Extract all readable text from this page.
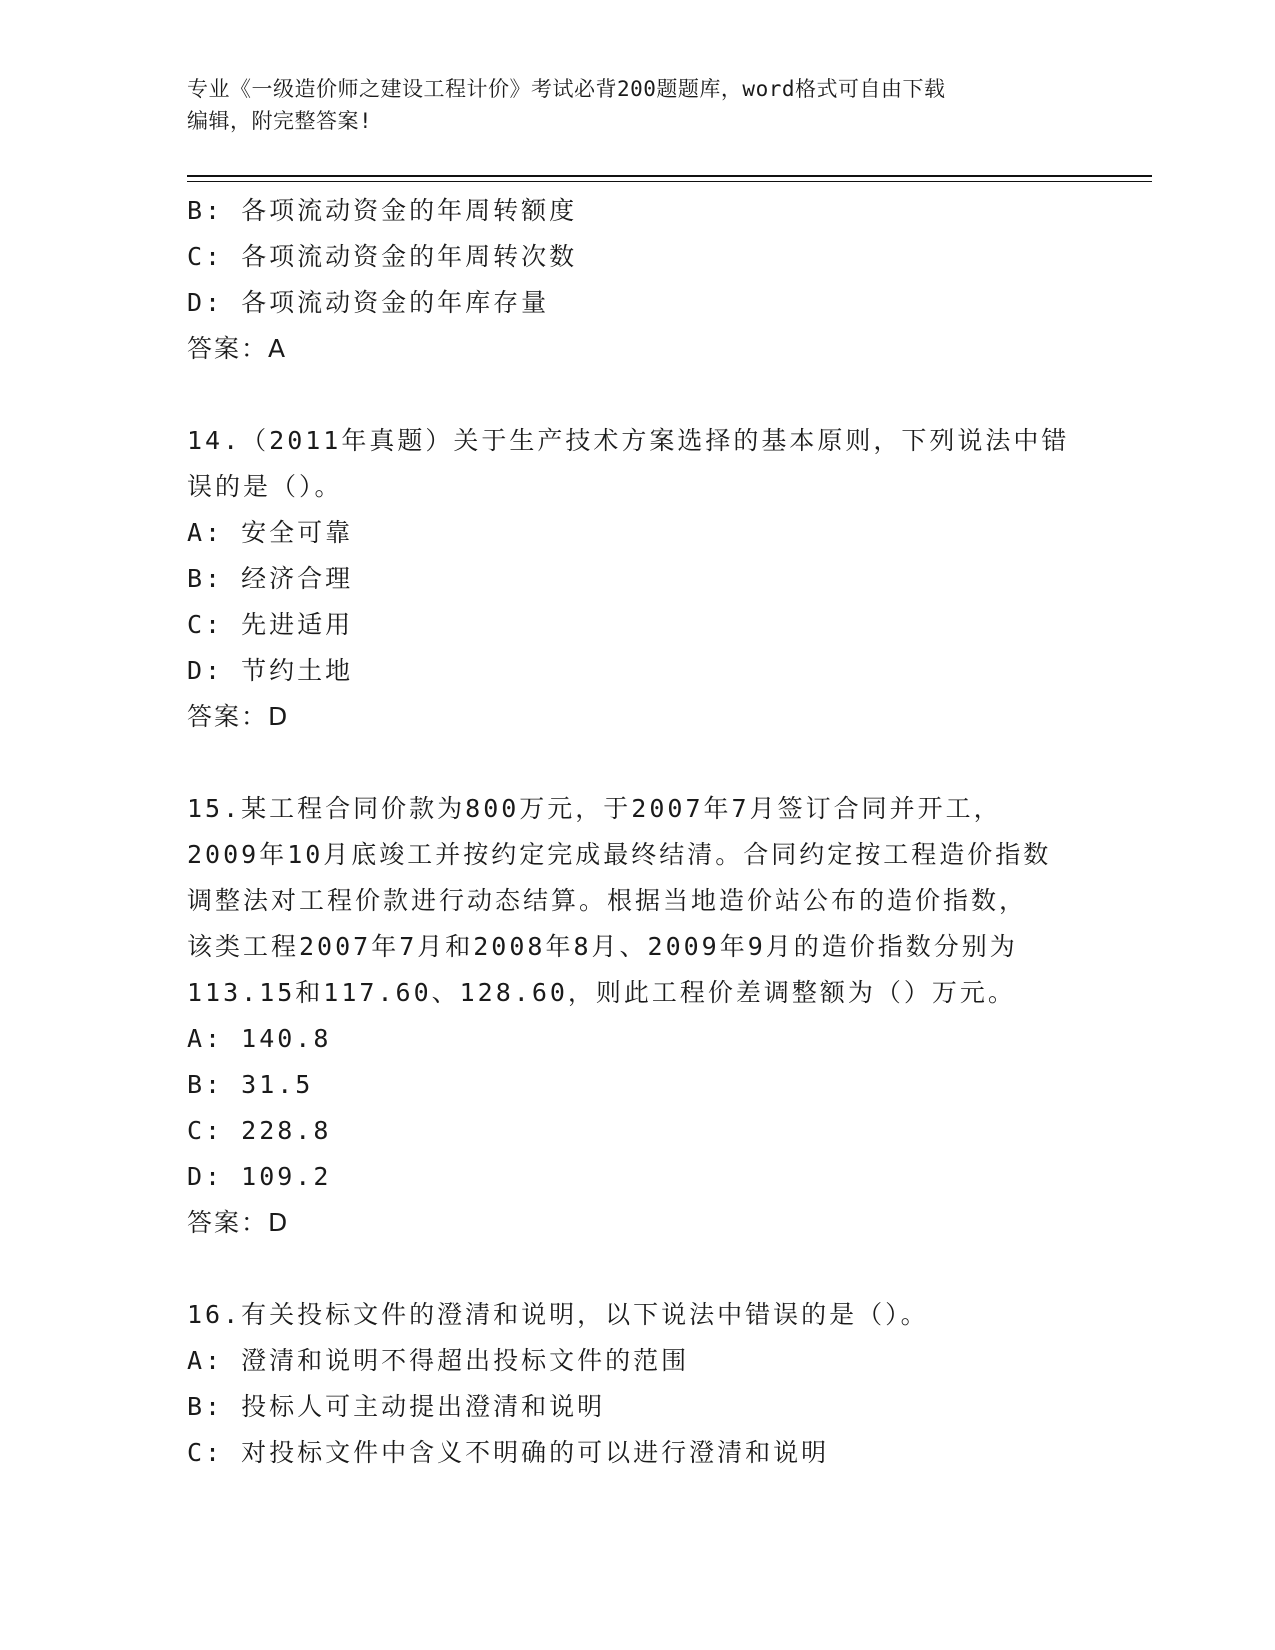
专业《一级造价师之建设工程计价》考试必背200题题库，word格式可自由下载
编辑，附完整答案!
B: 各项流动资金的年周转额度
C: 各项流动资金的年周转次数
D: 各项流动资金的年库存量
答案：A
14.（2011年真题）关于生产技术方案选择的基本原则，下列说法中错
误的是（）。
A: 安全可靠
B: 经济合理
C: 先进适用
D: 节约土地
答案：D
15.某工程合同价款为800万元，于2007年7月签订合同并开工，
2009年10月底竣工并按约定完成最终结清。合同约定按工程造价指数
调整法对工程价款进行动态结算。根据当地造价站公布的造价指数，
该类工程2007年7月和2008年8月、2009年9月的造价指数分别为
113.15和117.60、128.60，则此工程价差调整额为（）万元。
A: 140.8
B: 31.5
C: 228.8
D: 109.2
答案：D
16.有关投标文件的澄清和说明，以下说法中错误的是（）。
A: 澄清和说明不得超出投标文件的范围
B: 投标人可主动提出澄清和说明
C: 对投标文件中含义不明确的可以进行澄清和说明
